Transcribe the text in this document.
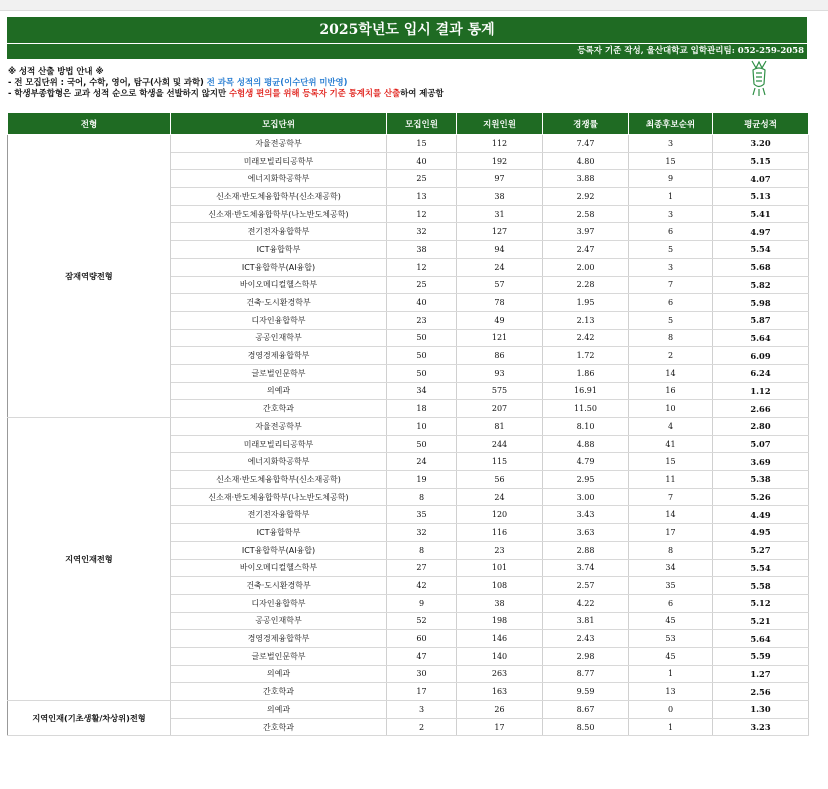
2025학년도 입시 결과 통계
등록자 기준 작성, 울산대학교 입학관리팀: 052-259-2058
※ 성적 산출 방법 안내 ※
- 전 모집단위 : 국어, 수학, 영어, 탐구(사회 및 과학) 전 과목 성적의 평균(이수단위 미반영)
- 학생부종합형은 교과 성적 순으로 학생을 선발하지 않지만 수험생 편의를 위해 등록자 기준 통계치를 산출하여 제공함
전형	모집단위	모집인원	지원인원	경쟁률	최종후보순위	평균성적
잠재역량전형	자율전공학부	15	112	7.47	3	3.20
	미래모빌리티공학부	40	192	4.80	15	5.15
	에너지화학공학부	25	97	3.88	9	4.07
	신소재·반도체융합학부(신소재공학)	13	38	2.92	1	5.13
	신소재·반도체융합학부(나노반도체공학)	12	31	2.58	3	5.41
	전기전자융합학부	32	127	3.97	6	4.97
	ICT융합학부	38	94	2.47	5	5.54
	ICT융합학부(AI융합)	12	24	2.00	3	5.68
	바이오메디컬헬스학부	25	57	2.28	7	5.82
	건축·도시환경학부	40	78	1.95	6	5.98
	디자인융합학부	23	49	2.13	5	5.87
	공공인재학부	50	121	2.42	8	5.64
	경영경제융합학부	50	86	1.72	2	6.09
	글로벌인문학부	50	93	1.86	14	6.24
	의예과	34	575	16.91	16	1.12
	간호학과	18	207	11.50	10	2.66
지역인재전형	자율전공학부	10	81	8.10	4	2.80
	미래모빌리티공학부	50	244	4.88	41	5.07
	에너지화학공학부	24	115	4.79	15	3.69
	신소재·반도체융합학부(신소재공학)	19	56	2.95	11	5.38
	신소재·반도체융합학부(나노반도체공학)	8	24	3.00	7	5.26
	전기전자융합학부	35	120	3.43	14	4.49
	ICT융합학부	32	116	3.63	17	4.95
	ICT융합학부(AI융합)	8	23	2.88	8	5.27
	바이오메디컬헬스학부	27	101	3.74	34	5.54
	건축·도시환경학부	42	108	2.57	35	5.58
	디자인융합학부	9	38	4.22	6	5.12
	공공인재학부	52	198	3.81	45	5.21
	경영경제융합학부	60	146	2.43	53	5.64
	글로벌인문학부	47	140	2.98	45	5.59
	의예과	30	263	8.77	1	1.27
	간호학과	17	163	9.59	13	2.56
지역인재(기초생활/차상위)전형	의예과	3	26	8.67	0	1.30
	간호학과	2	17	8.50	1	3.23
